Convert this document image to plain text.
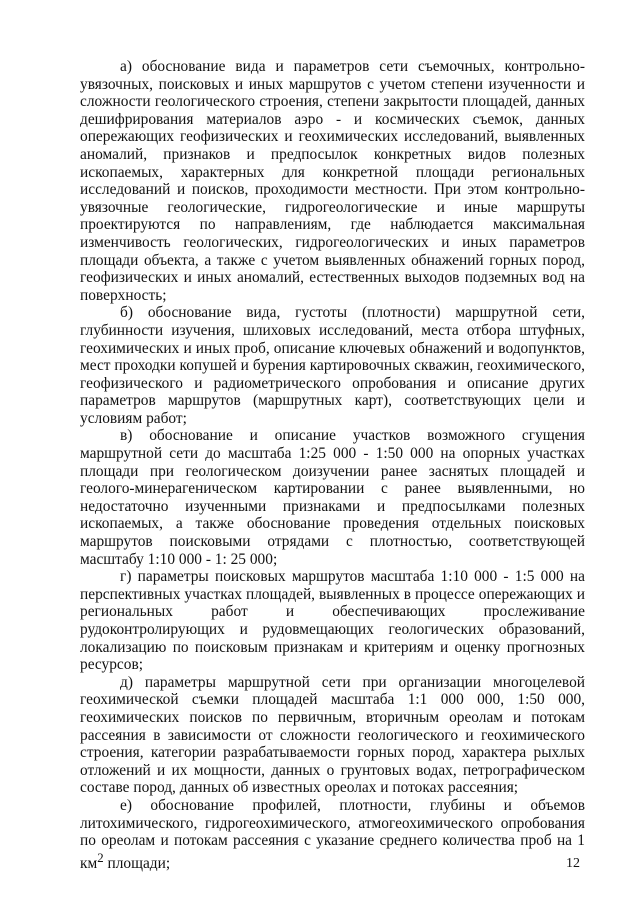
а) обоснование вида и параметров сети съемочных, контрольно-увязочных, поисковых и иных маршрутов с учетом степени изученности и сложности геологического строения, степени закрытости площадей, данных дешифрирования материалов аэро - и космических съемок, данных опережающих геофизических и геохимических исследований, выявленных аномалий, признаков и предпосылок конкретных видов полезных ископаемых, характерных для конкретной площади региональных исследований и поисков, проходимости местности. При этом контрольно-увязочные геологические, гидрогеологические и иные маршруты проектируются по направлениям, где наблюдается максимальная изменчивость геологических, гидрогеологических и иных параметров площади объекта, а также с учетом выявленных обнажений горных пород, геофизических и иных аномалий, естественных выходов подземных вод на поверхность;

б) обоснование вида, густоты (плотности) маршрутной сети, глубинности изучения, шлиховых исследований, места отбора штуфных, геохимических и иных проб, описание ключевых обнажений и водопунктов, мест проходки копушей и бурения картировочных скважин, геохимического, геофизического и радиометрического опробования и описание других параметров маршрутов (маршрутных карт), соответствующих цели и условиям работ;

в) обоснование и описание участков возможного сгущения маршрутной сети до масштаба 1:25 000 - 1:50 000 на опорных участках площади при геологическом доизучении ранее заснятых площадей и геолого-минерагеническом картировании с ранее выявленными, но недостаточно изученными признаками и предпосылками полезных ископаемых, а также обоснование проведения отдельных поисковых маршрутов поисковыми отрядами с плотностью, соответствующей масштабу 1:10 000 - 1: 25 000;

г) параметры поисковых маршрутов масштаба 1:10 000 - 1:5 000 на перспективных участках площадей, выявленных в процессе опережающих и региональных работ и обеспечивающих прослеживание рудоконтролирующих и рудовмещающих геологических образований, локализацию по поисковым признакам и критериям и оценку прогнозных ресурсов;

д) параметры маршрутной сети при организации многоцелевой геохимической съемки площадей масштаба 1:1 000 000, 1:50 000, геохимических поисков по первичным, вторичным ореолам и потокам рассеяния в зависимости от сложности геологического и геохимического строения, категории разрабатываемости горных пород, характера рыхлых отложений и их мощности, данных о грунтовых водах, петрографическом составе пород, данных об известных ореолах и потоках рассеяния;

е) обоснование профилей, плотности, глубины и объемов литохимического, гидрогеохимического, атмогеохимического опробования по ореолам и потокам рассеяния с указание среднего количества проб на 1 $км^2$ площади;	12
